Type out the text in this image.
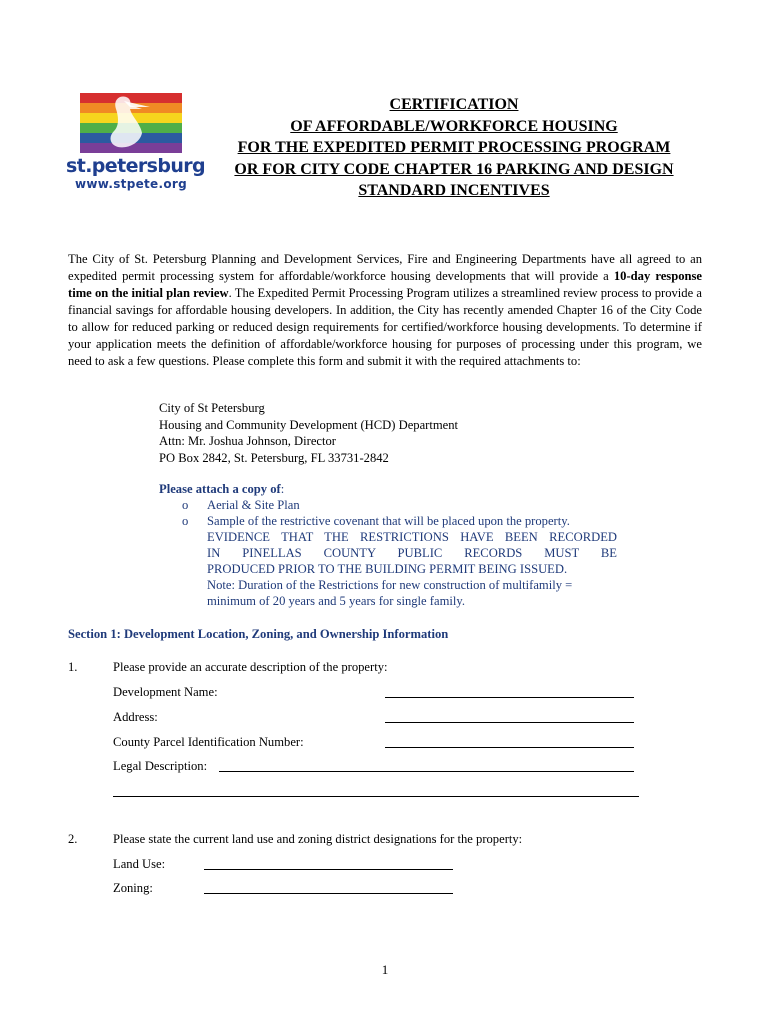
st.petersburg
www.stpete.org
CERTIFICATION
OF AFFORDABLE/WORKFORCE HOUSING
FOR THE EXPEDITED PERMIT PROCESSING PROGRAM
OR FOR CITY CODE CHAPTER 16 PARKING AND DESIGN
STANDARD INCENTIVES
The City of St. Petersburg Planning and Development Services, Fire and Engineering Departments have all agreed to an expedited permit processing system for affordable/workforce housing developments that will provide a 10-day response time on the initial plan review. The Expedited Permit Processing Program utilizes a streamlined review process to provide a financial savings for affordable housing developers. In addition, the City has recently amended Chapter 16 of the City Code to allow for reduced parking or reduced design requirements for certified/workforce housing developments. To determine if your application meets the definition of affordable/workforce housing for purposes of processing under this program, we need to ask a few questions. Please complete this form and submit it with the required attachments to:
City of St Petersburg
Housing and Community Development (HCD) Department
Attn: Mr. Joshua Johnson, Director
PO Box 2842, St. Petersburg, FL 33731-2842
Please attach a copy of:
o Aerial & Site Plan
o Sample of the restrictive covenant that will be placed upon the property.
EVIDENCE THAT THE RESTRICTIONS HAVE BEEN RECORDED
IN PINELLAS COUNTY PUBLIC RECORDS MUST BE
PRODUCED PRIOR TO THE BUILDING PERMIT BEING ISSUED.
Note: Duration of the Restrictions for new construction of multifamily =
minimum of 20 years and 5 years for single family.
Section 1: Development Location, Zoning, and Ownership Information
1.	Please provide an accurate description of the property:
Development Name:
Address:
County Parcel Identification Number:
Legal Description:
2.	Please state the current land use and zoning district designations for the property:
Land Use:
Zoning:
1
